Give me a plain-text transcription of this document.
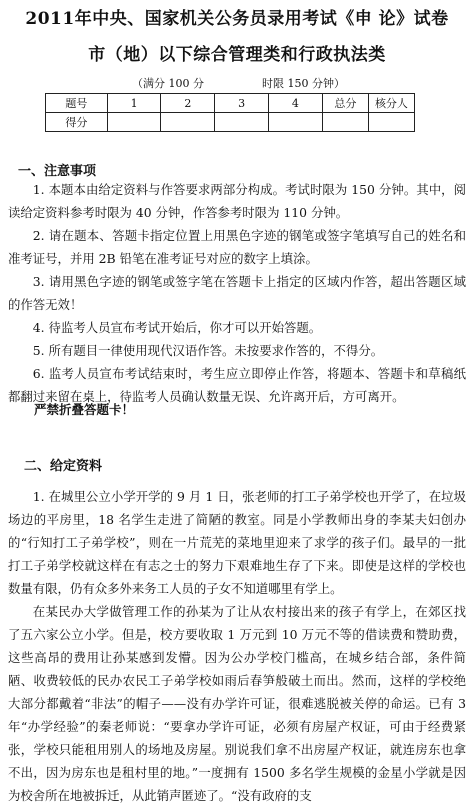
2011年中央、国家机关公务员录用考试《申 论》试卷
市（地）以下综合管理类和行政执法类
（满分 100 分	时限 150 分钟）
题号	1	2	3	4	总分	核分人
得分						
一、注意事项

1. 本题本由给定资料与作答要求两部分构成。考试时限为 150 分钟。其中，阅读给定资料参考时限为 40 分钟，作答参考时限为 110 分钟。

2. 请在题本、答题卡指定位置上用黑色字迹的钢笔或签字笔填写自己的姓名和准考证号，并用 2B 铅笔在准考证号对应的数字上填涂。

3. 请用黑色字迹的钢笔或签字笔在答题卡上指定的区域内作答，超出答题区域的作答无效！

4. 待监考人员宣布考试开始后，你才可以开始答题。

5. 所有题目一律使用现代汉语作答。未按要求作答的，不得分。

6. 监考人员宣布考试结束时，考生应立即停止作答，将题本、答题卡和草稿纸都翻过来留在桌上，待监考人员确认数量无误、允许离开后，方可离开。

严禁折叠答题卡！
二、给定资料

1. 在城里公立小学开学的 9 月 1 日，张老师的打工子弟学校也开学了，在垃圾场边的平房里，18 名学生走进了简陋的教室。同是小学教师出身的李某夫妇创办的“行知打工子弟学校”，则在一片荒芜的菜地里迎来了求学的孩子们。最早的一批打工子弟学校就这样在有志之士的努力下艰难地生存了下来。即使是这样的学校也数量有限，仍有众多外来务工人员的子女不知道哪里有学上。

在某民办大学做管理工作的孙某为了让从农村接出来的孩子有学上，在郊区找了五六家公立小学。但是，校方要收取 1 万元到 10 万元不等的借读费和赞助费，这些高昂的费用让孙某感到发懵。因为公办学校门槛高，在城乡结合部，条件简陋、收费较低的民办农民工子弟学校如雨后春笋般破土而出。然而，这样的学校绝大部分都戴着“非法”的帽子——没有办学许可证，很难逃脱被关停的命运。已有 3 年“办学经验”的秦老师说：“要拿办学许可证，必须有房屋产权证，可由于经费紧张，学校只能租用别人的场地及房屋。别说我们拿不出房屋产权证，就连房东也拿不出，因为房东也是租村里的地。”一度拥有 1500 多名学生规模的金星小学就是因为校舍所在地被拆迁，从此销声匿迹了。“没有政府的支
